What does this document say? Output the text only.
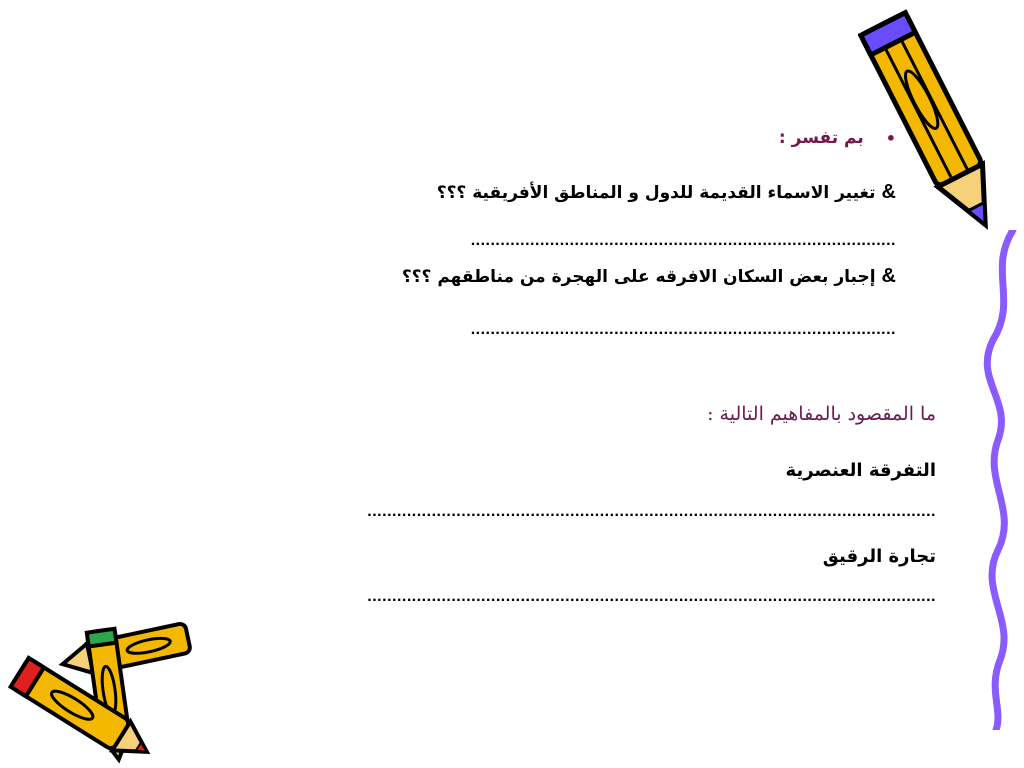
•
بم تفسر :
&تغيير الاسماء القديمة للدول و المناطق الأفريقية ؟؟؟
......................................................................................
&إجبار بعض السكان الافرقه على الهجرة من مناطقهم ؟؟؟
......................................................................................
ما المقصود بالمفاهيم التالية :
التفرقة العنصرية
...................................................................................................................
تجارة الرقيق
...................................................................................................................
